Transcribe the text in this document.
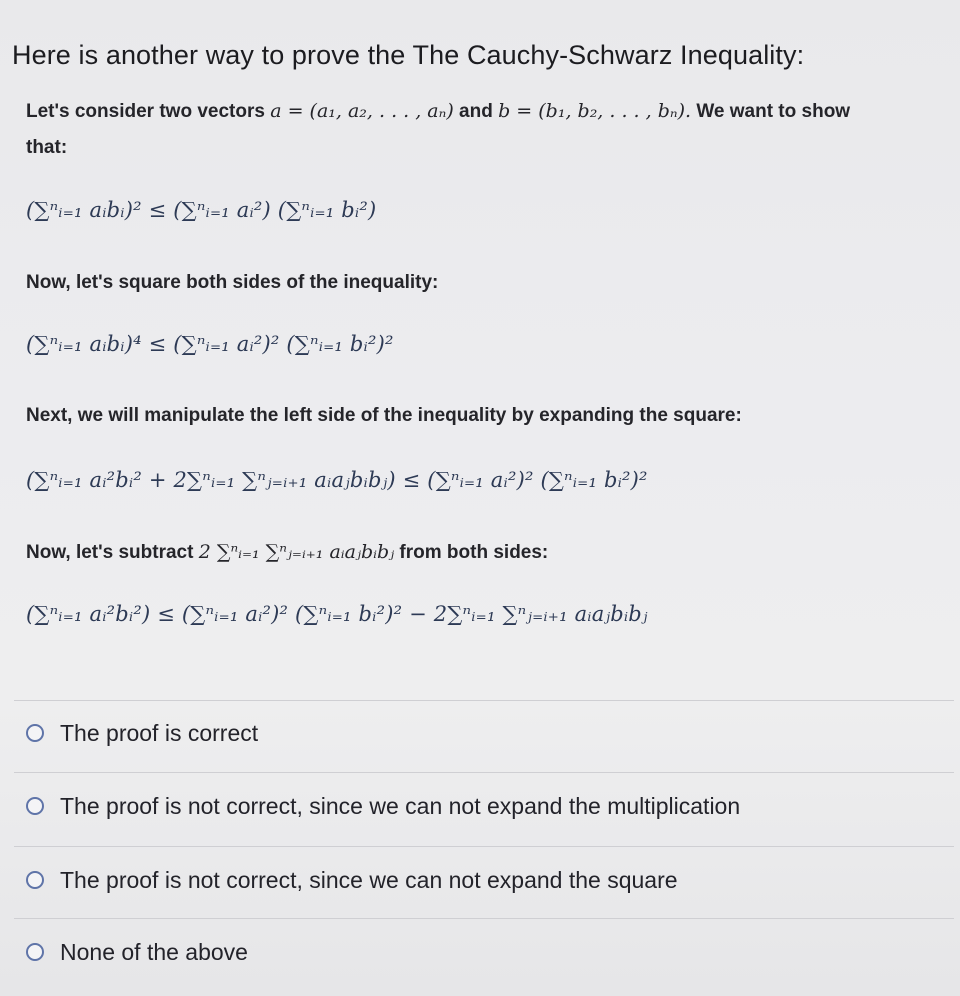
Here is another way to prove the The Cauchy-Schwarz Inequality:
Let's consider two vectors a = (a₁, a₂, . . . , aₙ) and b = (b₁, b₂, . . . , bₙ). We want to show
that:
(∑ⁿᵢ₌₁ aᵢbᵢ)² ≤ (∑ⁿᵢ₌₁ aᵢ²) (∑ⁿᵢ₌₁ bᵢ²)
Now, let's square both sides of the inequality:
(∑ⁿᵢ₌₁ aᵢbᵢ)⁴ ≤ (∑ⁿᵢ₌₁ aᵢ²)² (∑ⁿᵢ₌₁ bᵢ²)²
Next, we will manipulate the left side of the inequality by expanding the square:
(∑ⁿᵢ₌₁ aᵢ²bᵢ² + 2∑ⁿᵢ₌₁ ∑ⁿⱼ₌ᵢ₊₁ aᵢaⱼbᵢbⱼ) ≤ (∑ⁿᵢ₌₁ aᵢ²)² (∑ⁿᵢ₌₁ bᵢ²)²
Now, let's subtract 2 ∑ⁿᵢ₌₁ ∑ⁿⱼ₌ᵢ₊₁ aᵢaⱼbᵢbⱼ from both sides:
(∑ⁿᵢ₌₁ aᵢ²bᵢ²) ≤ (∑ⁿᵢ₌₁ aᵢ²)² (∑ⁿᵢ₌₁ bᵢ²)² − 2∑ⁿᵢ₌₁ ∑ⁿⱼ₌ᵢ₊₁ aᵢaⱼbᵢbⱼ
The proof is correct
The proof is not correct, since we can not expand the multiplication
The proof is not correct, since we can not expand the square
None of the above
